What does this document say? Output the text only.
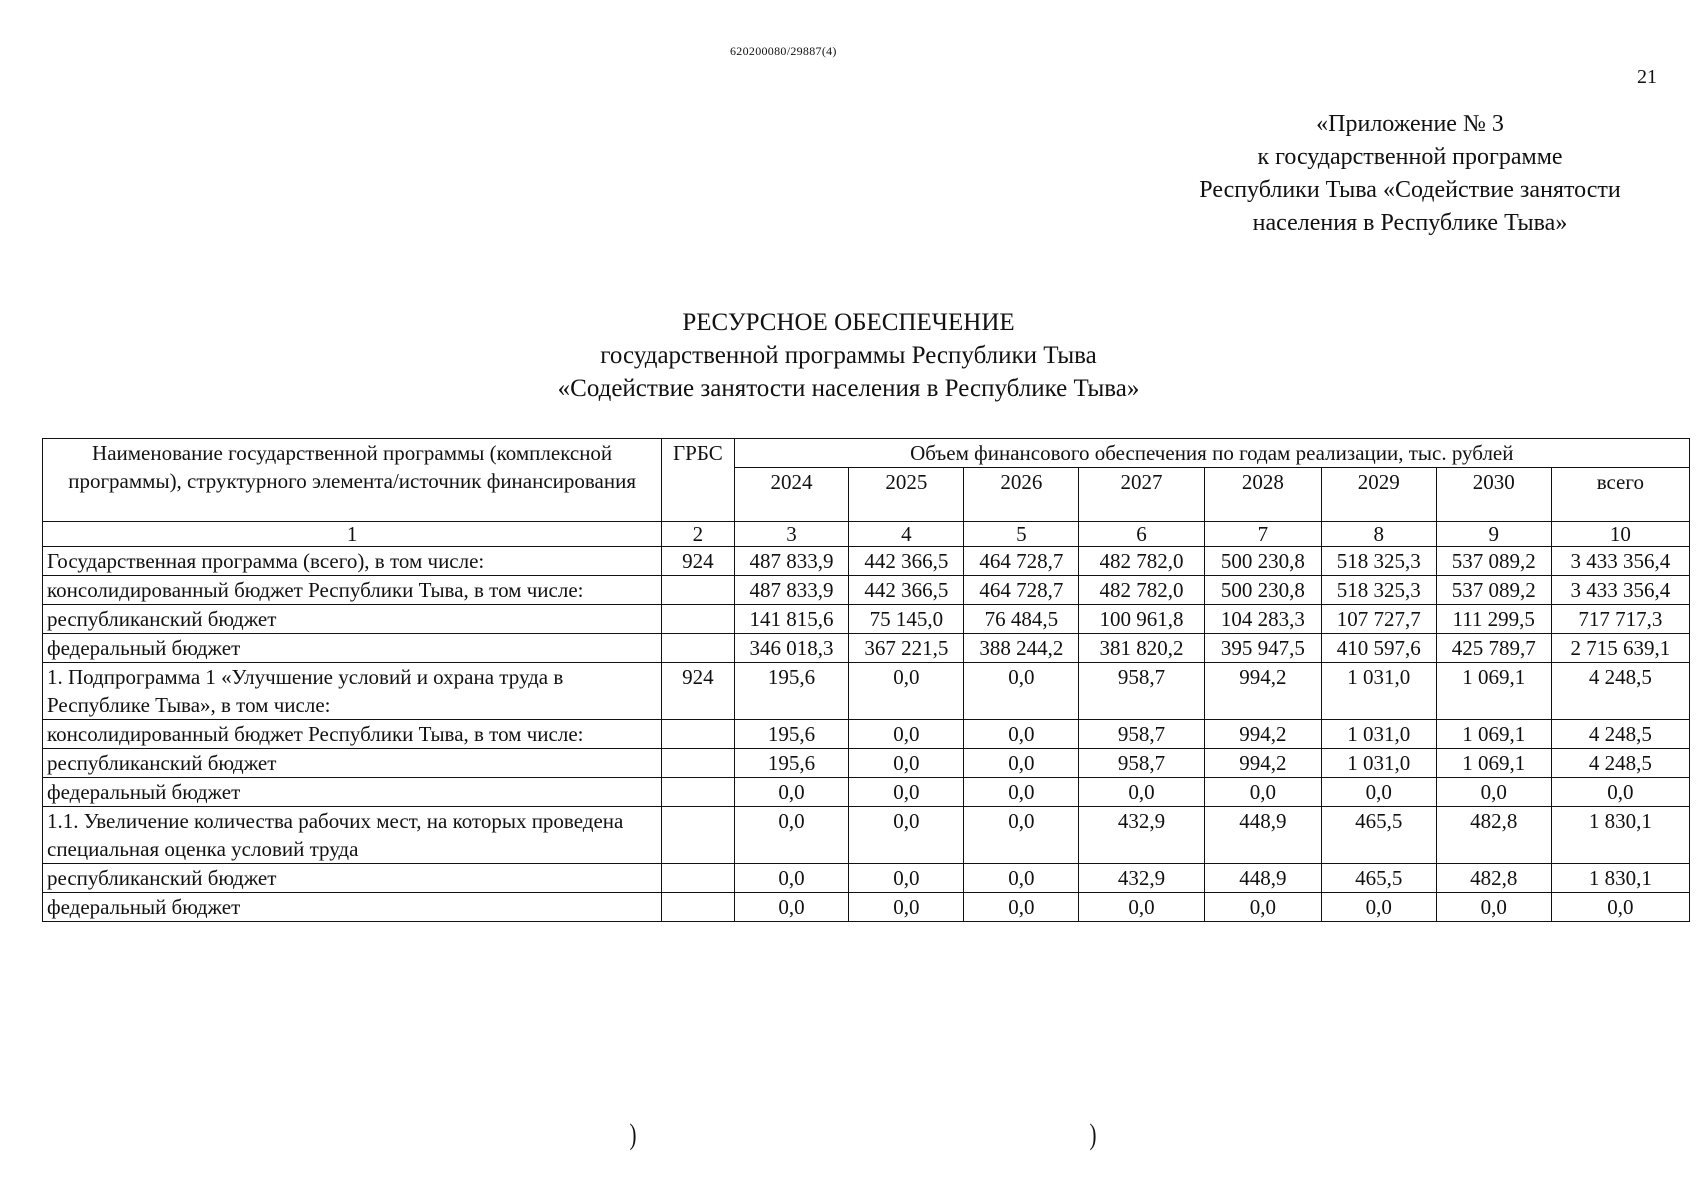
620200080/29887(4)
21
«Приложение № 3
к государственной программе
Республики Тыва «Содействие занятости
населения в Республике Тыва»
РЕСУРСНОЕ ОБЕСПЕЧЕНИЕ
государственной программы Республики Тыва
«Содействие занятости населения в Республике Тыва»
Наименование государственной программы (комплексной программы), структурного элемента/источник финансирования	ГРБС	Объем финансового обеспечения по годам реализации, тыс. рублей							
		2024	2025	2026	2027	2028	2029	2030	всего
1	2	3	4	5	6	7	8	9	10
Государственная программа (всего), в том числе:	924	487 833,9	442 366,5	464 728,7	482 782,0	500 230,8	518 325,3	537 089,2	3 433 356,4
консолидированный бюджет Республики Тыва, в том числе:		487 833,9	442 366,5	464 728,7	482 782,0	500 230,8	518 325,3	537 089,2	3 433 356,4
республиканский бюджет		141 815,6	75 145,0	76 484,5	100 961,8	104 283,3	107 727,7	111 299,5	717 717,3
федеральный бюджет		346 018,3	367 221,5	388 244,2	381 820,2	395 947,5	410 597,6	425 789,7	2 715 639,1
1. Подпрограмма 1 «Улучшение условий и охрана труда в Республике Тыва», в том числе:	924	195,6	0,0	0,0	958,7	994,2	1 031,0	1 069,1	4 248,5
консолидированный бюджет Республики Тыва, в том числе:		195,6	0,0	0,0	958,7	994,2	1 031,0	1 069,1	4 248,5
республиканский бюджет		195,6	0,0	0,0	958,7	994,2	1 031,0	1 069,1	4 248,5
федеральный бюджет		0,0	0,0	0,0	0,0	0,0	0,0	0,0	0,0
1.1. Увеличение количества рабочих мест, на которых проведена специальная оценка условий труда		0,0	0,0	0,0	432,9	448,9	465,5	482,8	1 830,1
республиканский бюджет		0,0	0,0	0,0	432,9	448,9	465,5	482,8	1 830,1
федеральный бюджет		0,0	0,0	0,0	0,0	0,0	0,0	0,0	0,0
)	)
